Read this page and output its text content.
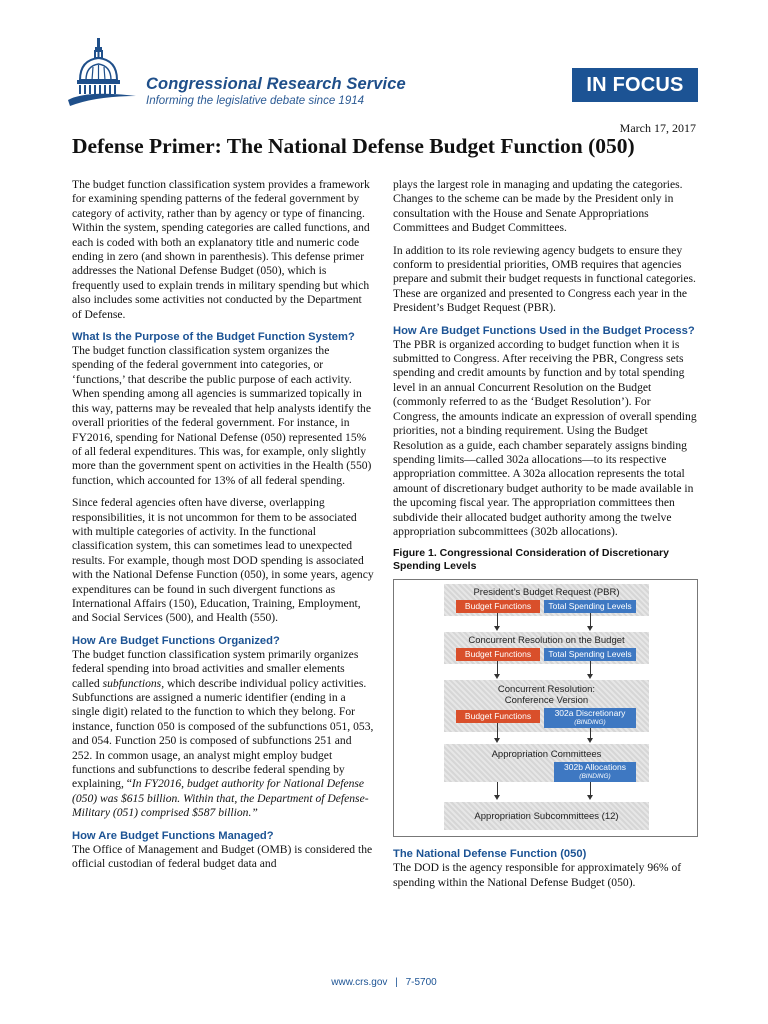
Congressional Research Service
Informing the legislative debate since 1914
IN FOCUS
March 17, 2017
Defense Primer: The National Defense Budget Function (050)

The budget function classification system provides a framework for examining spending patterns of the federal government by category of activity, rather than by agency or type of financing. Within the system, spending categories are called functions, and each is coded with both an explanatory title and numeric code ending in zero (and shown in parenthesis). This defense primer addresses the National Defense Budget (050), which is frequently used to explain trends in military spending but which also includes some activities not conducted by the Department of Defense.

What Is the Purpose of the Budget Function System?

The budget function classification system organizes the spending of the federal government into categories, or ‘functions,’ that describe the public purpose of each activity. When spending among all agencies is summarized topically in this way, patterns may be revealed that help analysts identify the overall priorities of the federal government. For instance, in FY2016, spending for National Defense (050) represented 15% of all federal expenditures. This was, for example, only slightly more than the government spent on activities in the Health (550) function, which accounted for 13% of all federal spending.

Since federal agencies often have diverse, overlapping responsibilities, it is not uncommon for them to be associated with multiple categories of activity. In the functional classification system, this can sometimes lead to unexpected results. For example, though most DOD spending is associated with the National Defense Function (050), in some years, agency expenditures can be found in such divergent functions as International Affairs (150), Education, Training, Employment, and Social Services (500), and Health (550).

How Are Budget Functions Organized?

The budget function classification system primarily organizes federal spending into broad activities and smaller elements called subfunctions, which describe individual policy activities. Subfunctions are assigned a numeric identifier (ending in a single digit) related to the function to which they belong. For instance, function 050 is composed of the subfunctions 051, 053, and 054. Function 250 is composed of subfunctions 251 and 252. In common usage, an analyst might employ budget functions and subfunctions to describe federal spending by explaining, “In FY2016, budget authority for National Defense (050) was $615 billion. Within that, the Department of Defense-Military (051) comprised $587 billion.”

How Are Budget Functions Managed?

The Office of Management and Budget (OMB) is considered the official custodian of federal budget data and

plays the largest role in managing and updating the categories. Changes to the scheme can be made by the President only in consultation with the House and Senate Appropriations Committees and Budget Committees.

In addition to its role reviewing agency budgets to ensure they conform to presidential priorities, OMB requires that agencies prepare and submit their budget requests in functional categories. These are organized and presented to Congress each year in the President’s Budget Request (PBR).

How Are Budget Functions Used in the Budget Process?

The PBR is organized according to budget function when it is submitted to Congress. After receiving the PBR, Congress sets spending and credit amounts by function and by total spending level in an annual Concurrent Resolution on the Budget (commonly referred to as the ‘Budget Resolution’). For Congress, the amounts indicate an expression of overall spending priorities, not a binding requirement. Using the Budget Resolution as a guide, each chamber separately assigns binding spending limits—called 302a allocations—to its respective appropriation committee. A 302a allocation represents the total amount of discretionary budget authority to be made available in the upcoming fiscal year. The appropriation committees then subdivide their allocated budget authority among the twelve appropriation subcommittees (302b allocations).

Figure 1. Congressional Consideration of Discretionary Spending Levels
President’s Budget Request (PBR)
Budget Functions	Total Spending Levels
Concurrent Resolution on the Budget
Budget Functions	Total Spending Levels
Concurrent Resolution: Conference Version
Budget Functions	302a Discretionary
(BINDING)
Appropriation Committees
302b Allocations
(BINDING)
Appropriation Subcommittees (12)
The National Defense Function (050)

The DOD is the agency responsible for approximately 96% of spending within the National Defense Budget (050).

www.crs.gov | 7-5700
